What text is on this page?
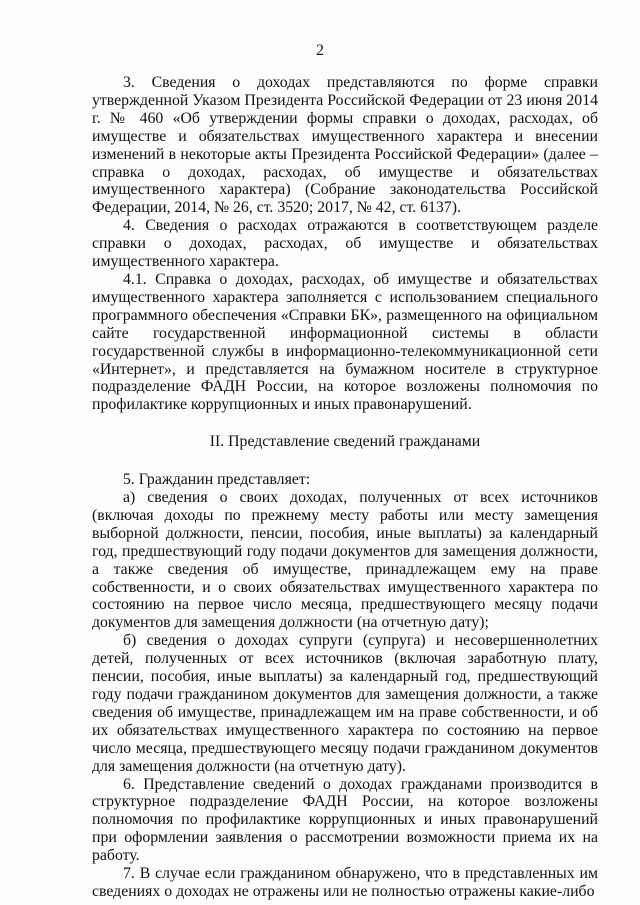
2

3. Сведения о доходах представляются по форме справки утвержденной Указом Президента Российской Федерации от 23 июня 2014 г. № 460 «Об утверждении формы справки о доходах, расходах, об имуществе и обязательствах имущественного характера и внесении изменений в некоторые акты Президента Российской Федерации» (далее – справка о доходах, расходах, об имуществе и обязательствах имущественного характера) (Собрание законодательства Российской Федерации, 2014, № 26, ст. 3520; 2017, № 42, ст. 6137).

4. Сведения о расходах отражаются в соответствующем разделе справки о доходах, расходах, об имуществе и обязательствах имущественного характера.

4.1. Справка о доходах, расходах, об имуществе и обязательствах имущественного характера заполняется с использованием специального программного обеспечения «Справки БК», размещенного на официальном сайте государственной информационной системы в области государственной службы в информационно-телекоммуникационной сети «Интернет», и представляется на бумажном носителе в структурное подразделение ФАДН России, на которое возложены полномочия по профилактике коррупционных и иных правонарушений.

II. Представление сведений гражданами

5. Гражданин представляет:

а) сведения о своих доходах, полученных от всех источников (включая доходы по прежнему месту работы или месту замещения выборной должности, пенсии, пособия, иные выплаты) за календарный год, предшествующий году подачи документов для замещения должности, а также сведения об имуществе, принадлежащем ему на праве собственности, и о своих обязательствах имущественного характера по состоянию на первое число месяца, предшествующего месяцу подачи документов для замещения должности (на отчетную дату);

б) сведения о доходах супруги (супруга) и несовершеннолетних детей, полученных от всех источников (включая заработную плату, пенсии, пособия, иные выплаты) за календарный год, предшествующий году подачи гражданином документов для замещения должности, а также сведения об имуществе, принадлежащем им на праве собственности, и об их обязательствах имущественного характера по состоянию на первое число месяца, предшествующего месяцу подачи гражданином документов для замещения должности (на отчетную дату).

6. Представление сведений о доходах гражданами производится в структурное подразделение ФАДН России, на которое возложены полномочия по профилактике коррупционных и иных правонарушений при оформлении заявления о рассмотрении возможности приема их на работу.

7. В случае если гражданином обнаружено, что в представленных им сведениях о доходах не отражены или не полностью отражены какие-либо
